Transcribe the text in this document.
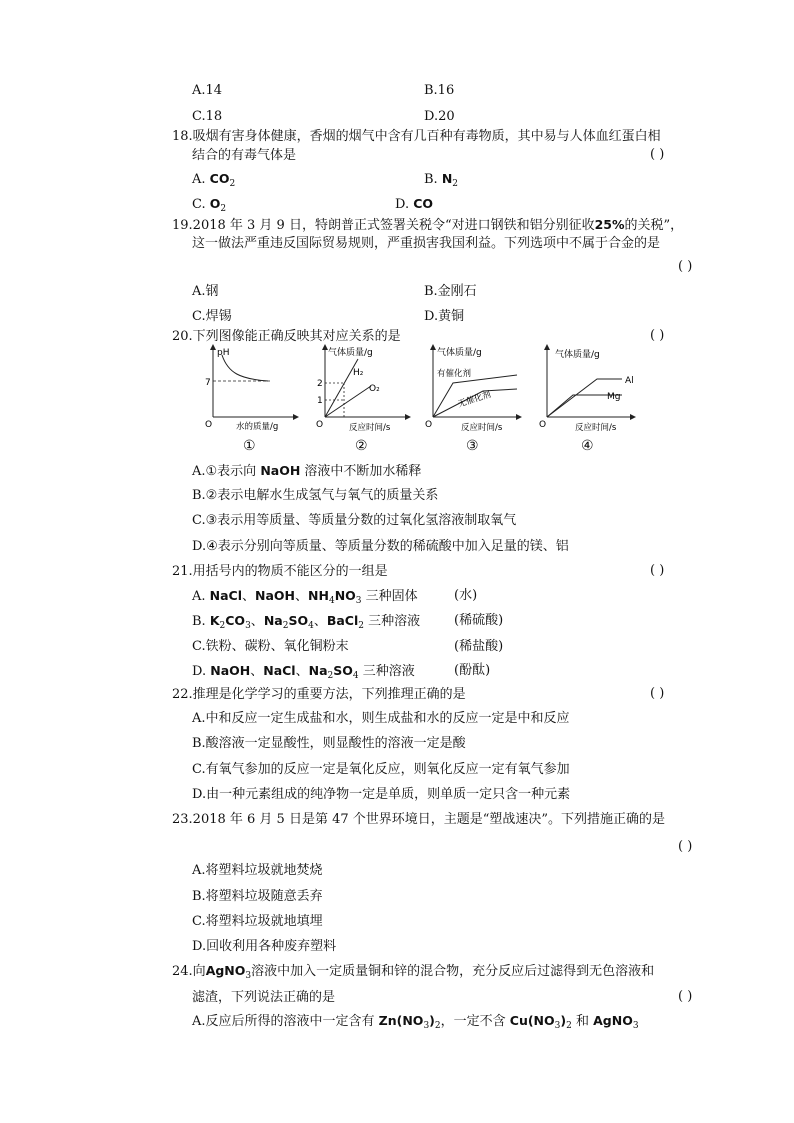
A.14	B.16
C.18	D.20
18.吸烟有害身体健康，香烟的烟气中含有几百种有毒物质，其中易与人体血红蛋白相
结合的有毒气体是	( )
A. $CO_2$	B. $N_2$
C. $O_2$	D. CO
19.2018 年 3 月 9 日，特朗普正式签署关税令“对进口钢铁和铝分别征收25%的关税”，
这一做法严重违反国际贸易规则，严重损害我国利益。下列选项中不属于合金的是
( )
A.钢	B.金刚石
C.焊锡	D.黄铜
20.下列图像能正确反映其对应关系的是	( )
pH
7
水的质量/g
O
气体质量/g
2
1
H₂
O₂
反应时间/s
O
气体质量/g
有催化剂
无催化剂
反应时间/s
O
气体质量/g
Al
Mg
反应时间/s
O
①	②	③	④
A.①表示向 NaOH 溶液中不断加水稀释
B.②表示电解水生成氢气与氧气的质量关系
C.③表示用等质量、等质量分数的过氧化氢溶液制取氧气
D.④表示分别向等质量、等质量分数的稀硫酸中加入足量的镁、铝
21.用括号内的物质不能区分的一组是	( )
A. NaCl、NaOH、$NH_4NO_3$ 三种固体	(水)
B. $K_2CO_3$、$Na_2SO_4$、BaCl$_2$ 三种溶液	(稀硫酸)
C.铁粉、碳粉、氧化铜粉末	(稀盐酸)
D. NaOH、NaCl、$Na_2SO_4$ 三种溶液	(酚酞)
22.推理是化学学习的重要方法，下列推理正确的是	( )
A.中和反应一定生成盐和水，则生成盐和水的反应一定是中和反应
B.酸溶液一定显酸性，则显酸性的溶液一定是酸
C.有氧气参加的反应一定是氧化反应，则氧化反应一定有氧气参加
D.由一种元素组成的纯净物一定是单质，则单质一定只含一种元素
23.2018 年 6 月 5 日是第 47 个世界环境日，主题是“塑战速决”。下列措施正确的是
( )
A.将塑料垃圾就地焚烧
B.将塑料垃圾随意丢弃
C.将塑料垃圾就地填埋
D.回收利用各种废弃塑料
24.向AgNO$_3$溶液中加入一定质量铜和锌的混合物，充分反应后过滤得到无色溶液和
滤渣，下列说法正确的是	( )
A.反应后所得的溶液中一定含有 $Zn(NO_3)_2$，一定不含 $Cu(NO_3)_2$ 和 AgNO$_3$
